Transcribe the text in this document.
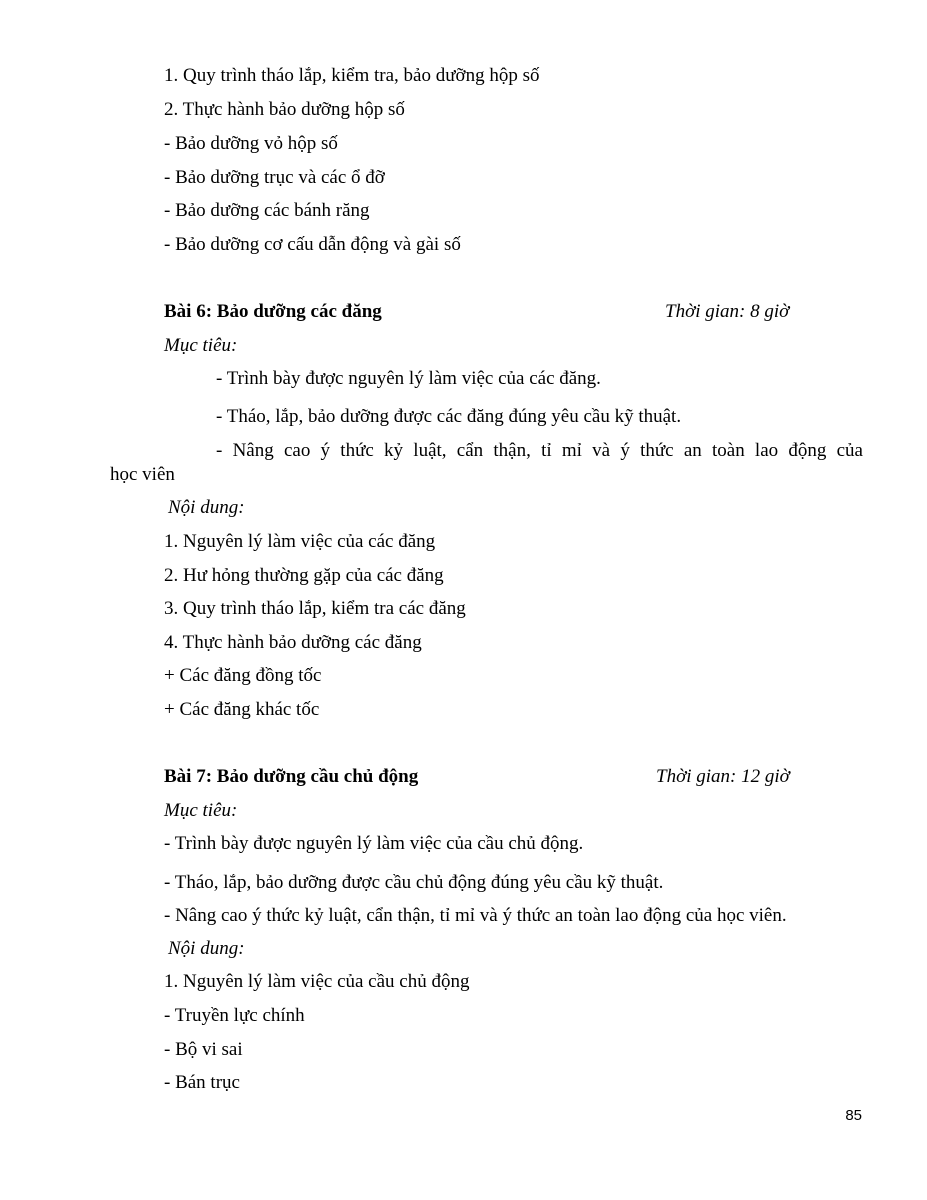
1. Quy trình tháo lắp, kiểm tra, bảo dưỡng hộp số
2. Thực hành bảo dưỡng hộp số
- Bảo dưỡng vỏ hộp số
- Bảo dưỡng trục và các ổ đỡ
- Bảo dưỡng các bánh răng
- Bảo dưỡng cơ cấu dẫn động và gài số
Bài 6: Bảo dưỡng các đăng	Thời gian: 8 giờ
Mục tiêu:
- Trình bày được nguyên lý làm việc của các đăng.
- Tháo, lắp, bảo dưỡng được các đăng đúng yêu cầu kỹ thuật.
- Nâng cao ý thức kỷ luật, cẩn thận, tỉ mỉ và ý thức an toàn lao động của
học viên
Nội dung:
1. Nguyên lý làm việc của các đăng
2. Hư hỏng thường gặp của các đăng
3. Quy trình tháo lắp, kiểm tra các đăng
4. Thực hành bảo dưỡng các đăng
+ Các đăng đồng tốc
+ Các đăng khác tốc
Bài 7: Bảo dưỡng cầu chủ động	Thời gian: 12 giờ
Mục tiêu:
- Trình bày được nguyên lý làm việc của cầu chủ động.
- Tháo, lắp, bảo dưỡng được cầu chủ động đúng yêu cầu kỹ thuật.
- Nâng cao ý thức kỷ luật, cẩn thận, tỉ mỉ và ý thức an toàn lao động của học viên.
Nội dung:
1. Nguyên lý làm việc của cầu chủ động
- Truyền lực chính
- Bộ vi sai
- Bán trục
85
